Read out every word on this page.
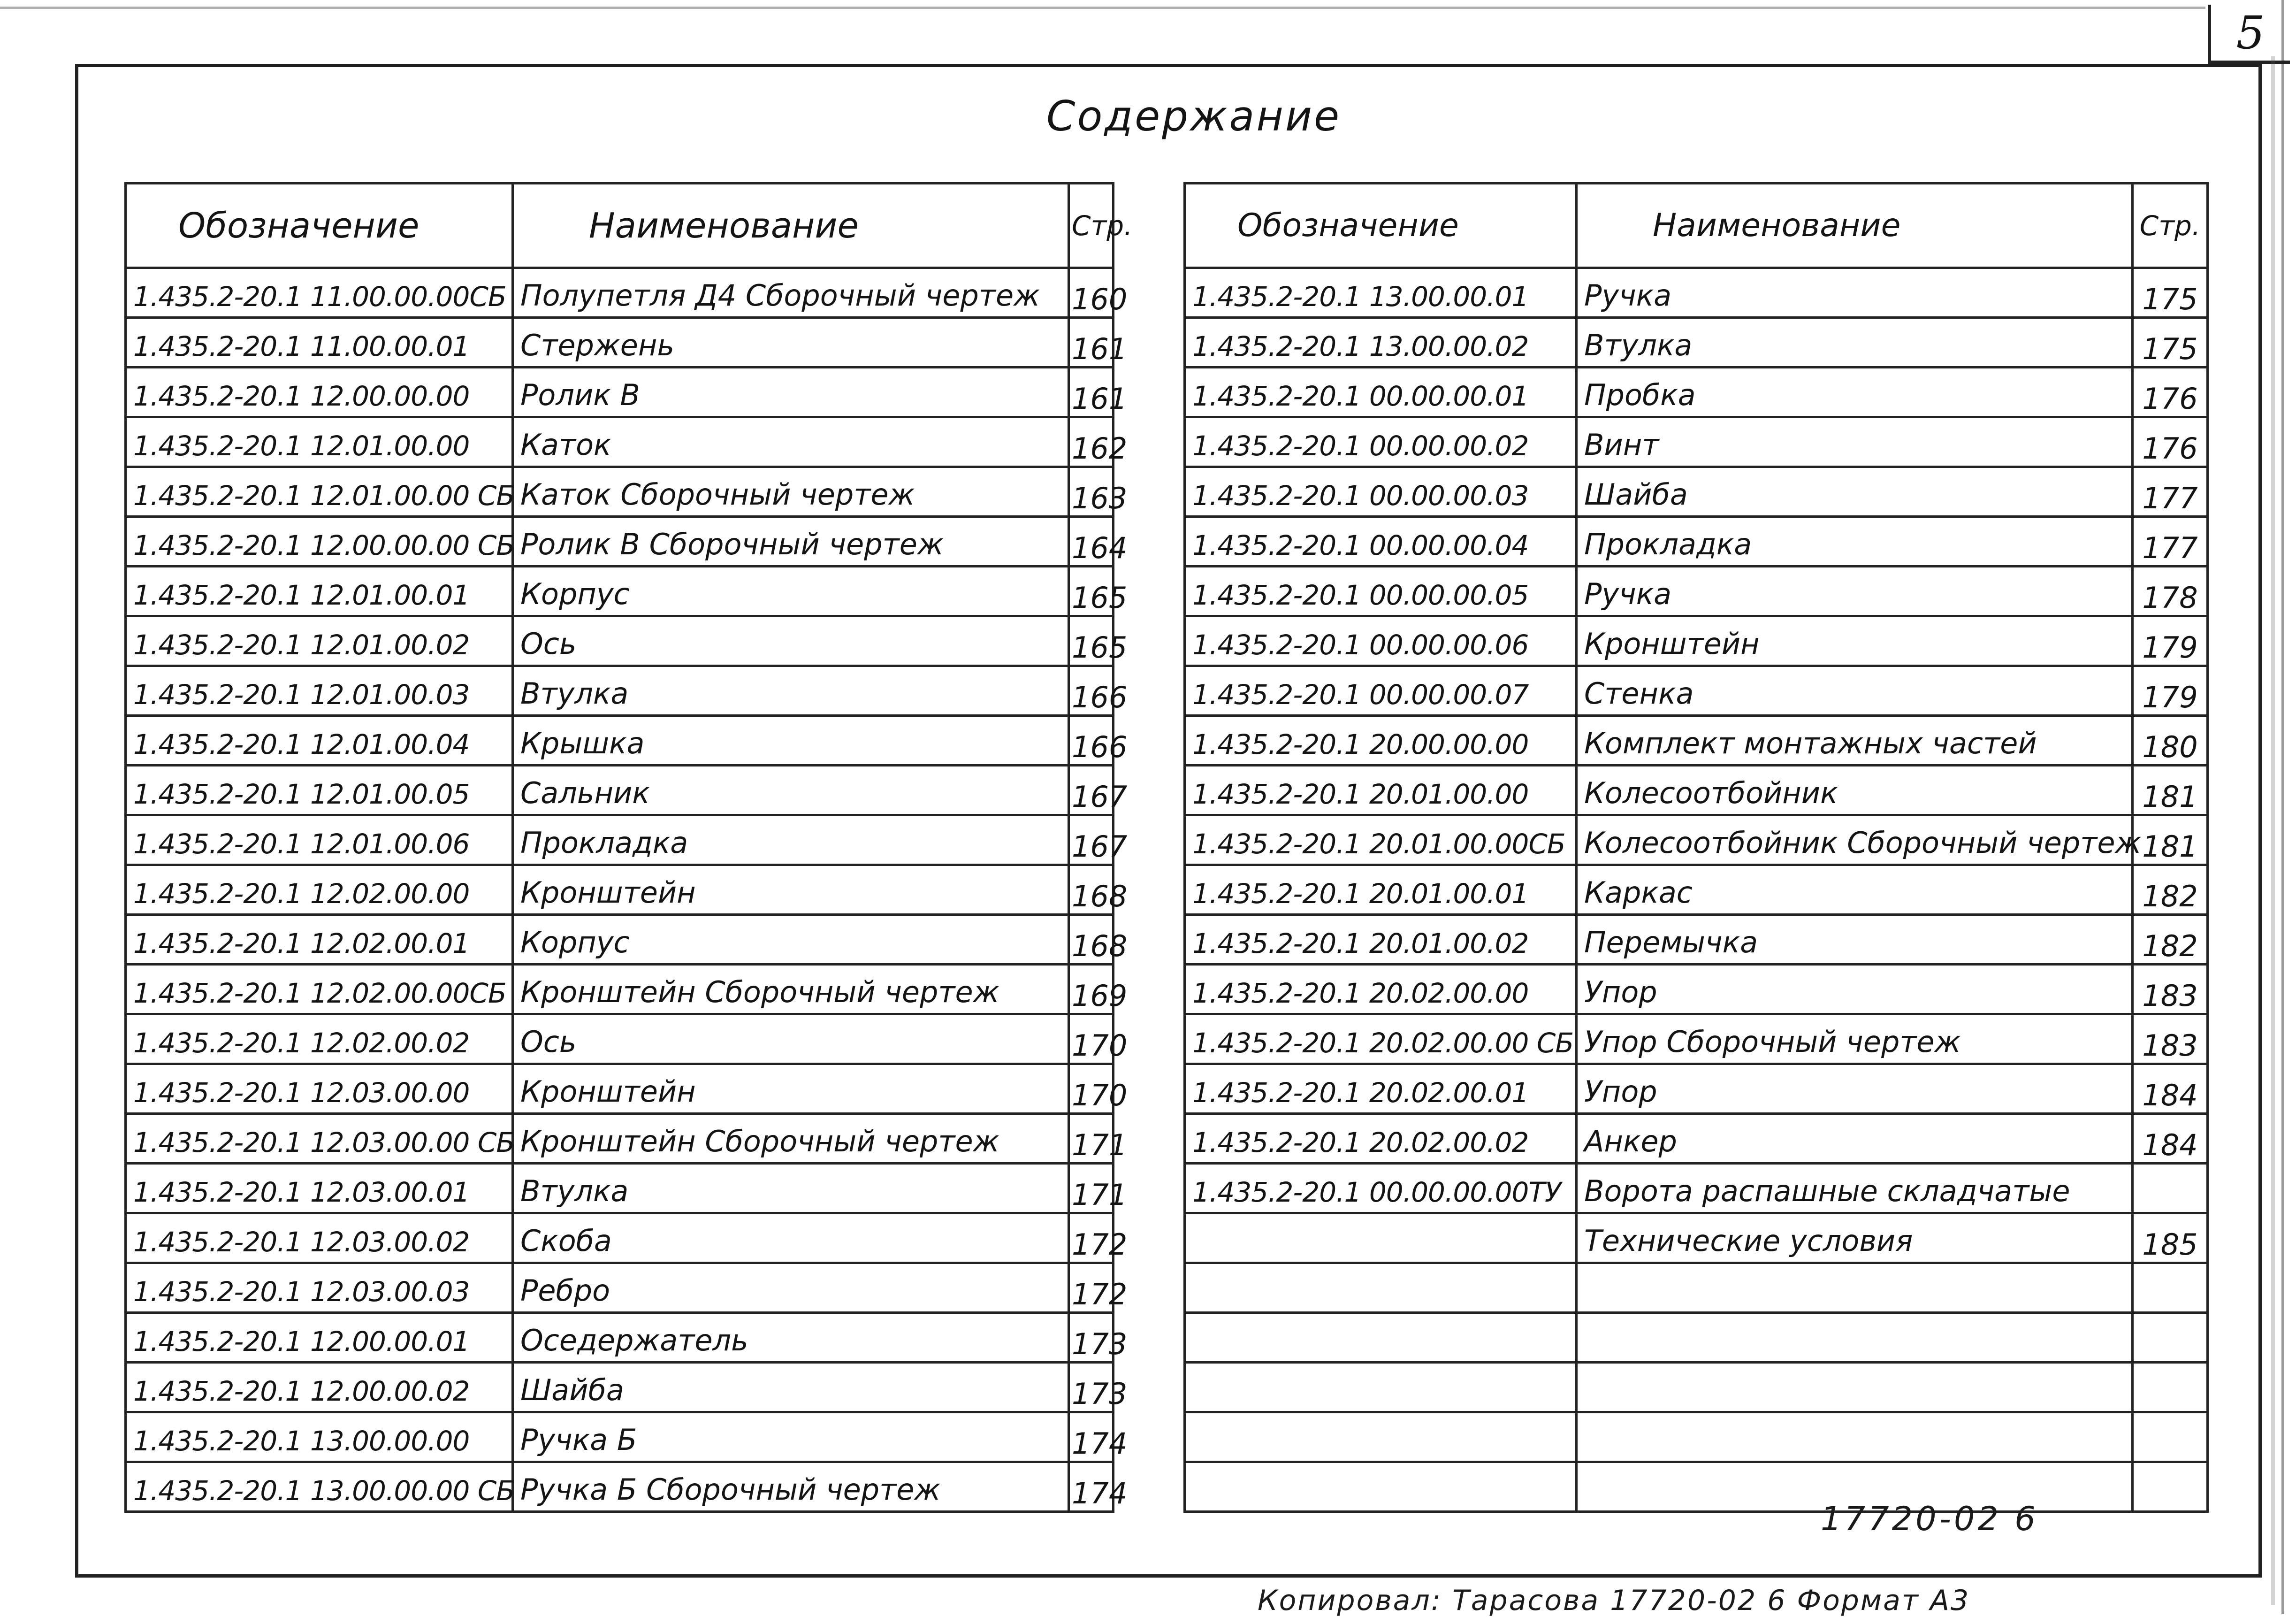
5
Содержание
Обозначение	Наименование	Стр.
1.435.2-20.1 11.00.00.00СБ	Полупетля Д4 Сборочный чертеж	160
1.435.2-20.1 11.00.00.01	Стержень	161
1.435.2-20.1 12.00.00.00	Ролик В	161
1.435.2-20.1 12.01.00.00	Каток	162
1.435.2-20.1 12.01.00.00 СБ	Каток Сборочный чертеж	163
1.435.2-20.1 12.00.00.00 СБ	Ролик В Сборочный чертеж	164
1.435.2-20.1 12.01.00.01	Корпус	165
1.435.2-20.1 12.01.00.02	Ось	165
1.435.2-20.1 12.01.00.03	Втулка	166
1.435.2-20.1 12.01.00.04	Крышка	166
1.435.2-20.1 12.01.00.05	Сальник	167
1.435.2-20.1 12.01.00.06	Прокладка	167
1.435.2-20.1 12.02.00.00	Кронштейн	168
1.435.2-20.1 12.02.00.01	Корпус	168
1.435.2-20.1 12.02.00.00СБ	Кронштейн Сборочный чертеж	169
1.435.2-20.1 12.02.00.02	Ось	170
1.435.2-20.1 12.03.00.00	Кронштейн	170
1.435.2-20.1 12.03.00.00 СБ	Кронштейн Сборочный чертеж	171
1.435.2-20.1 12.03.00.01	Втулка	171
1.435.2-20.1 12.03.00.02	Скоба	172
1.435.2-20.1 12.03.00.03	Ребро	172
1.435.2-20.1 12.00.00.01	Оседержатель	173
1.435.2-20.1 12.00.00.02	Шайба	173
1.435.2-20.1 13.00.00.00	Ручка Б	174
1.435.2-20.1 13.00.00.00 СБ	Ручка Б Сборочный чертеж	174
Обозначение	Наименование	Стр.
1.435.2-20.1 13.00.00.01	Ручка	175
1.435.2-20.1 13.00.00.02	Втулка	175
1.435.2-20.1 00.00.00.01	Пробка	176
1.435.2-20.1 00.00.00.02	Винт	176
1.435.2-20.1 00.00.00.03	Шайба	177
1.435.2-20.1 00.00.00.04	Прокладка	177
1.435.2-20.1 00.00.00.05	Ручка	178
1.435.2-20.1 00.00.00.06	Кронштейн	179
1.435.2-20.1 00.00.00.07	Стенка	179
1.435.2-20.1 20.00.00.00	Комплект монтажных частей	180
1.435.2-20.1 20.01.00.00	Колесоотбойник	181
1.435.2-20.1 20.01.00.00СБ	Колесоотбойник Сборочный чертеж	181
1.435.2-20.1 20.01.00.01	Каркас	182
1.435.2-20.1 20.01.00.02	Перемычка	182
1.435.2-20.1 20.02.00.00	Упор	183
1.435.2-20.1 20.02.00.00 СБ	Упор Сборочный чертеж	183
1.435.2-20.1 20.02.00.01	Упор	184
1.435.2-20.1 20.02.00.02	Анкер	184
1.435.2-20.1 00.00.00.00ТУ	Ворота распашные складчатые	
	Технические условия	185

17720-02 6
Копировал: Тарасова 17720-02 6 Формат А3
